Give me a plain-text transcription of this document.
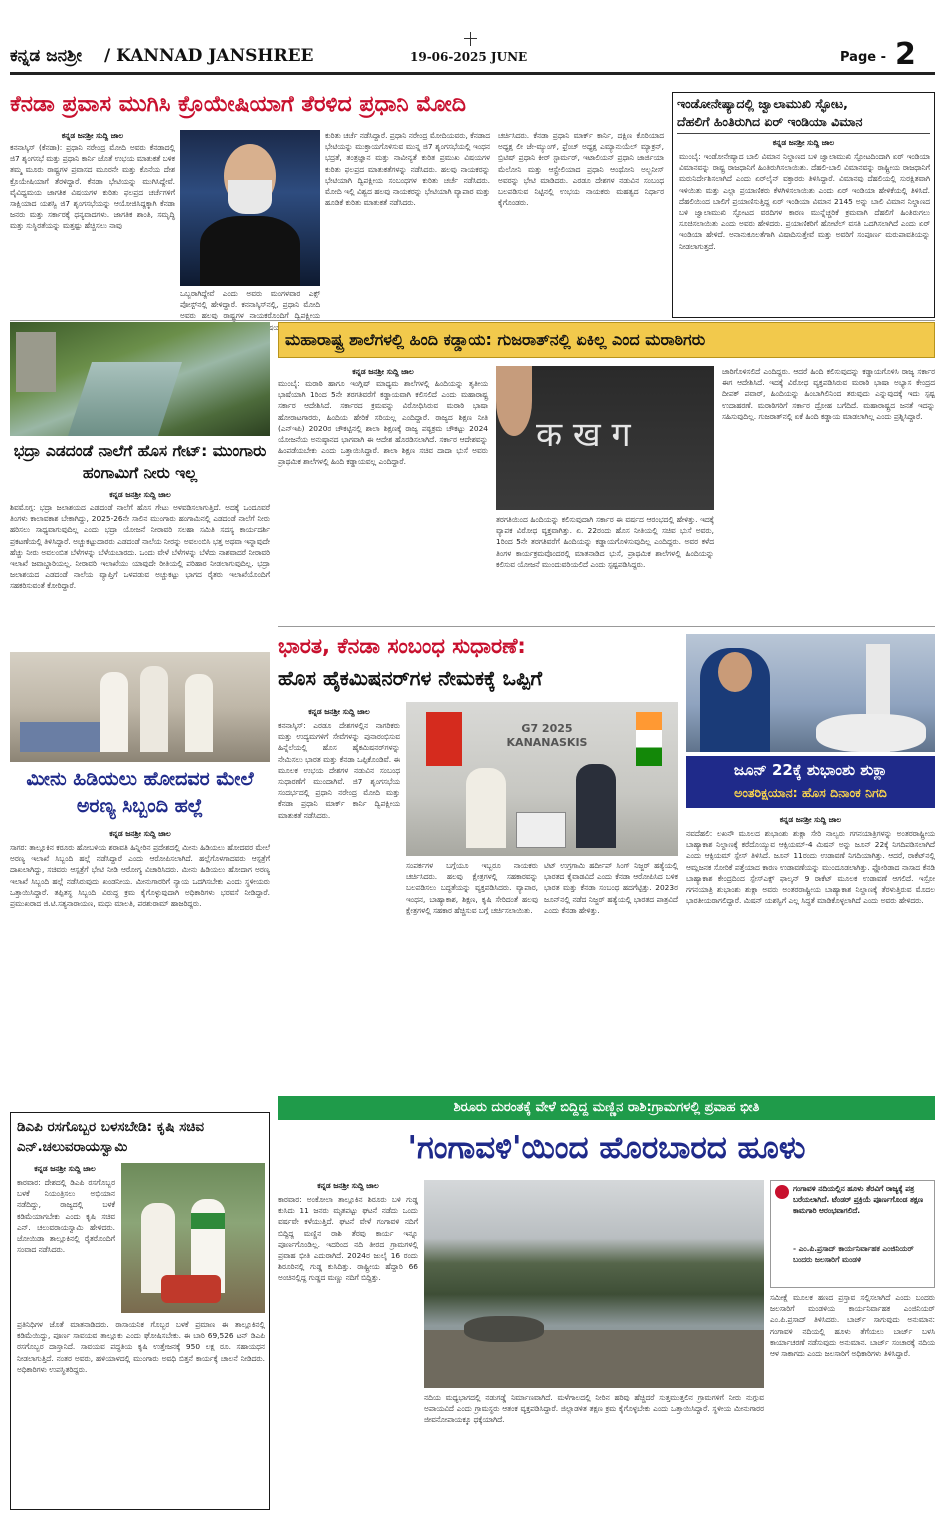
ಕನ್ನಡ ಜನಶ್ರೀ / KANNAD JANSHREE	19-06-2025 JUNE	Page - 2
ಕೆನಡಾ ಪ್ರವಾಸ ಮುಗಿಸಿ ಕ್ರೊಯೇಷಿಯಾಗೆ ತೆರಳಿದ ಪ್ರಧಾನಿ ಮೋದಿ
ಕನ್ನಡ ಜನಶ್ರೀ ಸುದ್ದಿ ಜಾಲ
ಕನನಾಸ್ಕಿಸ್ (ಕೆನಡಾ): ಪ್ರಧಾನಿ ನರೇಂದ್ರ ಮೋದಿ ಅವರು ಕೆನಡಾದಲ್ಲಿ ಜಿ7 ಶೃಂಗಸಭೆ ಮತ್ತು ಪ್ರಧಾನಿ ಕಾರ್ನಿ ಜೊತೆ ಉಭಯ ಮಾತುಕತೆ ಬಳಿಕ ತಮ್ಮ ಮೂರು ರಾಷ್ಟ್ರಗಳ ಪ್ರವಾಸದ ಮೂರನೇ ಮತ್ತು ಕೊನೆಯ ದೇಶ ಕ್ರೊಯೇಷಿಯಾಗೆ ತೆರಳಿದ್ದಾರೆ. ಕೆನಡಾ ಭೇಟಿಯನ್ನು ಮುಗಿಸಿದ್ದೇವೆ. ವೈವಿಧ್ಯಮಯ ಜಾಗತಿಕ ವಿಷಯಗಳ ಕುರಿತು ಫಲಪ್ರದ ಚರ್ಚೆಗಳಿಗೆ ಸಾಕ್ಷಿಯಾದ ಯಶಸ್ವಿ ಜಿ7 ಶೃಂಗಸಭೆಯನ್ನು ಆಯೋಜಿಸಿದ್ದಕ್ಕಾಗಿ ಕೆನಡಾ ಜನರು ಮತ್ತು ಸರ್ಕಾರಕ್ಕೆ ಧನ್ಯವಾದಗಳು. ಜಾಗತಿಕ ಶಾಂತಿ, ಸಮೃದ್ಧಿ ಮತ್ತು ಸುಸ್ಥಿರತೆಯನ್ನು ಮತ್ತಷ್ಟು ಹೆಚ್ಚಿಸಲು ನಾವು
ಒಬ್ಬರಾಗಿದ್ದೇವೆ ಎಂದು ಅವರು ಮಂಗಳವಾರ ಎಕ್ಸ್ ಪೋಸ್ಟ್‌ನಲ್ಲಿ ಹೇಳಿದ್ದಾರೆ. ಕನನಾಸ್ಕಿಸ್‌ನಲ್ಲಿ, ಪ್ರಧಾನಿ ಮೋದಿ ಅವರು ಹಲವು ರಾಷ್ಟ್ರಗಳ ನಾಯಕರೊಂದಿಗೆ ದ್ವಿಪಕ್ಷೀಯ ವಿಷಯಗಳ
ಕುರಿತು ಚರ್ಚೆ ನಡೆಸಿದ್ದಾರೆ. ಪ್ರಧಾನಿ ನರೇಂದ್ರ ಮೋದಿಯವರು, ಕೆನಡಾದ ಭೇಟಿಯನ್ನು ಮುಕ್ತಾಯಗೊಳಿಸುವ ಮುನ್ನ ಜಿ7 ಶೃಂಗಸಭೆಯಲ್ಲಿ ಇಂಧನ ಭದ್ರತೆ, ತಂತ್ರಜ್ಞಾನ ಮತ್ತು ನಾವೀನ್ಯತೆ ಕುರಿತ ಪ್ರಮುಖ ವಿಷಯಗಳ ಕುರಿತು ಫಲಪ್ರದ ಮಾತುಕತೆಗಳನ್ನು ನಡೆಸಿದರು. ಹಲವು ನಾಯಕರನ್ನು ಭೇಟಿಯಾಗಿ ದ್ವಿಪಕ್ಷೀಯ ಸಂಬಂಧಗಳ ಕುರಿತು ಚರ್ಚೆ ನಡೆಸಿದರು. ಮೋದಿ ಇಲ್ಲಿ ವಿಶ್ವದ ಹಲವು ನಾಯಕರನ್ನು ಭೇಟಿಯಾಗಿ ವ್ಯಾಪಾರ ಮತ್ತು ಹೂಡಿಕೆ ಕುರಿತು ಮಾತುಕತೆ ನಡೆಸಿದರು.
ಚರ್ಚಿಸಿದರು. ಕೆನಡಾ ಪ್ರಧಾನಿ ಮಾರ್ಕ್ ಕಾರ್ನಿ, ದಕ್ಷಿಣ ಕೊರಿಯಾದ ಅಧ್ಯಕ್ಷ ಲೀ ಜೇ-ಮ್ಯುಂಗ್, ಫ್ರೆಂಚ್ ಅಧ್ಯಕ್ಷ ಎಮ್ಯಾನುಯೆಲ್ ಮ್ಯಾಕ್ರನ್, ಬ್ರಿಟಿಷ್ ಪ್ರಧಾನಿ ಕೀರ್ ಸ್ಟಾರ್ಮರ್, ಇಟಾಲಿಯನ್ ಪ್ರಧಾನಿ ಜಾರ್ಜಿಯಾ ಮೆಲೋನಿ ಮತ್ತು ಆಸ್ಟ್ರೇಲಿಯಾದ ಪ್ರಧಾನಿ ಆಂಥೋನಿ ಅಲ್ಬನೀಸ್ ಅವರನ್ನು ಭೇಟಿ ಮಾಡಿದರು. ಎರಡೂ ದೇಶಗಳ ನಡುವಿನ ಸಂಬಂಧ ಬಲಪಡಿಸುವ ನಿಟ್ಟಿನಲ್ಲಿ ಉಭಯ ನಾಯಕರು ಮಹತ್ವದ ನಿರ್ಧಾರ ಕೈಗೊಂಡರು.
ಇಂಡೋನೇಷ್ಯಾದಲ್ಲಿ ಜ್ವಾಲಾಮುಖಿ ಸ್ಫೋಟ,
ದೆಹಲಿಗೆ ಹಿಂತಿರುಗಿದ ಏರ್ ಇಂಡಿಯಾ ವಿಮಾನ
ಕನ್ನಡ ಜನಶ್ರೀ ಸುದ್ದಿ ಜಾಲ
ಮುಂಬೈ: ಇಂಡೋನೇಷ್ಯಾದ ಬಾಲಿ ವಿಮಾನ ನಿಲ್ದಾಣದ ಬಳಿ ಜ್ವಾಲಾಮುಖಿ ಸ್ಫೋಟದಿಂದಾಗಿ ಏರ್ ಇಂಡಿಯಾ ವಿಮಾನವನ್ನು ರಾಷ್ಟ್ರ ರಾಜಧಾನಿಗೆ ಹಿಂತಿರುಗಿಸಲಾಯಿತು. ದೆಹಲಿ-ಬಾಲಿ ವಿಮಾನವನ್ನು ರಾಷ್ಟ್ರೀಯ ರಾಜಧಾನಿಗೆ ಮರುನಿರ್ದೇಶಿಸಲಾಗಿದೆ ಎಂದು ಏರ್‌ಲೈನ್ ವಕ್ತಾರರು ತಿಳಿಸಿದ್ದಾರೆ. ವಿಮಾನವು ದೆಹಲಿಯಲ್ಲಿ ಸುರಕ್ಷಿತವಾಗಿ ಇಳಿಯಿತು ಮತ್ತು ಎಲ್ಲಾ ಪ್ರಯಾಣಿಕರು ಕೆಳಗಿಳಿಸಲಾಯಿತು ಎಂದು ಏರ್ ಇಂಡಿಯಾ ಹೇಳಿಕೆಯಲ್ಲಿ ತಿಳಿಸಿದೆ. ದೆಹಲಿಯಿಂದ ಬಾಲಿಗೆ ಪ್ರಯಾಣಿಸುತ್ತಿದ್ದ ಏರ್ ಇಂಡಿಯಾ ವಿಮಾನ 2145 ಅನ್ನು ಬಾಲಿ ವಿಮಾನ ನಿಲ್ದಾಣದ ಬಳಿ ಜ್ವಾಲಾಮುಖಿ ಸ್ಫೋಟದ ವರದಿಗಳ ಕಾರಣ ಮುನ್ನೆಚ್ಚರಿಕೆ ಕ್ರಮವಾಗಿ ದೆಹಲಿಗೆ ಹಿಂತಿರುಗಲು ಸೂಚಿಸಲಾಯಿತು ಎಂದು ಅವರು ಹೇಳಿದರು. ಪ್ರಯಾಣಿಕರಿಗೆ ಹೋಟೆಲ್ ವಸತಿ ಒದಗಿಸಲಾಗಿದೆ ಎಂದು ಏರ್ ಇಂಡಿಯಾ ಹೇಳಿದೆ. ಅನಾನುಕೂಲತೆಗಾಗಿ ವಿಷಾದಿಸುತ್ತೇವೆ ಮತ್ತು ಅವರಿಗೆ ಸಂಪೂರ್ಣ ಮರುಪಾವತಿಯನ್ನು ನೀಡಲಾಗುತ್ತದೆ.
ಭದ್ರಾ ಎಡದಂಡೆ ನಾಲೆಗೆ ಹೊಸ ಗೇಟ್: ಮುಂಗಾರು ಹಂಗಾಮಿಗೆ ನೀರು ಇಲ್ಲ
ಕನ್ನಡ ಜನಶ್ರೀ ಸುದ್ದಿ ಜಾಲ
ಶಿವಮೊಗ್ಗ: ಭದ್ರಾ ಜಲಾಶಯದ ಎಡದಂಡೆ ನಾಲೆಗೆ ಹೊಸ ಗೇಟು ಅಳವಡಿಸಲಾಗುತ್ತಿದೆ. ಅದಕ್ಕೆ ಒಂದೂವರೆ ತಿಂಗಳು ಕಾಲಾವಕಾಶ ಬೇಕಾಗಿದ್ದು, 2025-26ನೇ ಸಾಲಿನ ಮುಂಗಾರು ಹಂಗಾಮಿನಲ್ಲಿ ಎಡದಂಡೆ ನಾಲೆಗೆ ನೀರು ಹರಿಸಲು ಸಾಧ್ಯವಾಗುವುದಿಲ್ಲ ಎಂದು ಭದ್ರಾ ಯೋಜನೆ ನೀರಾವರಿ ಸಲಹಾ ಸಮಿತಿ ಸದಸ್ಯ ಕಾರ್ಯದರ್ಶಿ ಪ್ರಕಟಣೆಯಲ್ಲಿ ತಿಳಿಸಿದ್ದಾರೆ. ಅಚ್ಚುಕಟ್ಟುದಾರರು ಎಡದಂಡೆ ನಾಲೆಯ ನೀರನ್ನು ಅವಲಂಬಿಸಿ ಭತ್ತ ಅಥವಾ ಇನ್ನಾವುದೇ ಹೆಚ್ಚು ನೀರು ಅವಲಂಬಿತ ಬೆಳೆಗಳನ್ನು ಬೆಳೆಯಬಾರದು. ಒಂದು ವೇಳೆ ಬೆಳೆಗಳನ್ನು ಬೆಳೆದು ನಾಶವಾದರೆ ನೀರಾವರಿ ಇಲಾಖೆ ಜವಾಬ್ದಾರಿಯಲ್ಲ. ನೀರಾವರಿ ಇಲಾಖೆಯು ಯಾವುದೇ ರೀತಿಯಲ್ಲಿ ಪರಿಹಾರ ನೀಡಲಾಗುವುದಿಲ್ಲ. ಭದ್ರಾ ಜಲಾಶಯದ ಎಡದಂಡೆ ನಾಲೆಯ ವ್ಯಾಪ್ತಿಗೆ ಒಳಪಡುವ ಅಚ್ಚುಕಟ್ಟು ಭಾಗದ ರೈತರು ಇಲಾಖೆಯೊಂದಿಗೆ ಸಹಕರಿಸುವಂತೆ ಕೋರಿದ್ದಾರೆ.
ಮಹಾರಾಷ್ಟ್ರ ಶಾಲೆಗಳಲ್ಲಿ ಹಿಂದಿ ಕಡ್ಡಾಯ: ಗುಜರಾತ್‌ನಲ್ಲಿ ಏಕಿಲ್ಲ ಎಂದ ಮರಾಠಿಗರು
ಕನ್ನಡ ಜನಶ್ರೀ ಸುದ್ದಿ ಜಾಲ
ಮುಂಬೈ: ಮರಾಠಿ ಹಾಗೂ ಇಂಗ್ಲಿಷ್ ಮಾಧ್ಯಮ ಶಾಲೆಗಳಲ್ಲಿ ಹಿಂದಿಯನ್ನು ತೃತೀಯ ಭಾಷೆಯಾಗಿ 1ರಿಂದ 5ನೇ ತರಗತಿವರೆಗೆ ಕಡ್ಡಾಯವಾಗಿ ಕಲಿಸಲಿದೆ ಎಂದು ಮಹಾರಾಷ್ಟ್ರ ಸರ್ಕಾರ ಆದೇಶಿಸಿದೆ. ಸರ್ಕಾರದ ಕ್ರಮವನ್ನು ವಿರೋಧಿಸಿರುವ ಮರಾಠಿ ಭಾಷಾ ಹೋರಾಟಗಾರರು, ಹಿಂದಿಯ ಹೇರಿಕೆ ಸರಿಯಲ್ಲ ಎಂದಿದ್ದಾರೆ. ರಾಜ್ಯದ ಶಿಕ್ಷಣ ನೀತಿ (ಎನ್‌ಇಪಿ) 2020ರ ಚೌಕಟ್ಟಿನಲ್ಲಿ ಶಾಲಾ ಶಿಕ್ಷಣಕ್ಕೆ ರಾಜ್ಯ ಪಠ್ಯಕ್ರಮ ಚೌಕಟ್ಟು 2024 ಯೋಜನೆಯ ಅನುಷ್ಠಾನದ ಭಾಗವಾಗಿ ಈ ಆದೇಶ ಹೊರಡಿಸಲಾಗಿದೆ. ಸರ್ಕಾರ ಆದೇಶವನ್ನು ಹಿಂಪಡೆಯಬೇಕು ಎಂದು ಒತ್ತಾಯಿಸಿದ್ದಾರೆ. ಶಾಲಾ ಶಿಕ್ಷಣ ಸಚಿವ ದಾದಾ ಭುಸೆ ಅವರು ಪ್ರಾಥಮಿಕ ಶಾಲೆಗಳಲ್ಲಿ ಹಿಂದಿ ಕಡ್ಡಾಯವಲ್ಲ ಎಂದಿದ್ದಾರೆ.
क ख ग
ತರಗತಿಯಿಂದ ಹಿಂದಿಯನ್ನು ಕಲಿಸುವುದಾಗಿ ಸರ್ಕಾರ ಈ ವರ್ಷದ ಆರಂಭದಲ್ಲಿ ಹೇಳಿತ್ತು. ಇದಕ್ಕೆ ವ್ಯಾಪಕ ವಿರೋಧ ವ್ಯಕ್ತವಾಗಿತ್ತು. ಏ. 22ರಂದು ಹೊಸ ನೀತಿಯಲ್ಲಿ ಸಚಿವ ಭುಸೆ ಅವರು, 1ರಿಂದ 5ನೇ ತರಗತಿವರೆಗೆ ಹಿಂದಿಯನ್ನು ಕಡ್ಡಾಯಗೊಳಿಸುವುದಿಲ್ಲ ಎಂದಿದ್ದರು. ಅವರ ಕಳೆದ ತಿಂಗಳ ಕಾರ್ಯಕ್ರಮವೊಂದರಲ್ಲಿ ಮಾತನಾಡಿದ ಭುಸೆ, ಪ್ರಾಥಮಿಕ ಶಾಲೆಗಳಲ್ಲಿ ಹಿಂದಿಯನ್ನು ಕಲಿಸುವ ಯೋಜನೆ ಮುಂದುವರಿಯಲಿದೆ ಎಂದು ಸ್ಪಷ್ಟಪಡಿಸಿದ್ದರು.
ಜಾರಿಗೊಳಿಸಲಿದೆ ಎಂದಿದ್ದರು. ಆದರೆ ಹಿಂದಿ ಕಲಿಸುವುದನ್ನು ಕಡ್ಡಾಯಗೊಳಿಸಿ ರಾಜ್ಯ ಸರ್ಕಾರ ಈಗ ಆದೇಶಿಸಿದೆ. ಇದಕ್ಕೆ ವಿರೋಧ ವ್ಯಕ್ತಪಡಿಸಿರುವ ಮರಾಠಿ ಭಾಷಾ ಅಭ್ಯಾಸ ಕೇಂದ್ರದ ದೀಪಕ್ ಪವಾರ್, ಹಿಂದಿಯನ್ನು ಹಿಂಬಾಗಿಲಿನಿಂದ ತರುವುದು ಎನ್ನುವುದಕ್ಕೆ ಇದು ಸ್ಪಷ್ಟ ಉದಾಹರಣೆ. ಮರಾಠಿಗರಿಗೆ ಸರ್ಕಾರ ದ್ರೋಹ ಬಗೆದಿದೆ. ಮಹಾರಾಷ್ಟ್ರದ ಜನತೆ ಇದನ್ನು ಸಹಿಸುವುದಿಲ್ಲ. ಗುಜರಾತ್‌ನಲ್ಲಿ ಏಕೆ ಹಿಂದಿ ಕಡ್ಡಾಯ ಮಾಡಲಾಗಿಲ್ಲ ಎಂದು ಪ್ರಶ್ನಿಸಿದ್ದಾರೆ.
ಮೀನು ಹಿಡಿಯಲು ಹೋದವರ ಮೇಲೆ ಅರಣ್ಯ ಸಿಬ್ಬಂದಿ ಹಲ್ಲೆ
ಕನ್ನಡ ಜನಶ್ರೀ ಸುದ್ದಿ ಜಾಲ
ಸಾಗರ: ತಾಲ್ಲೂಕಿನ ಕರೂರು ಹೋಬಳಿಯ ಶರಾವತಿ ಹಿನ್ನೀರಿನ ಪ್ರದೇಶದಲ್ಲಿ ಮೀನು ಹಿಡಿಯಲು ಹೋದವರ ಮೇಲೆ ಅರಣ್ಯ ಇಲಾಖೆ ಸಿಬ್ಬಂದಿ ಹಲ್ಲೆ ನಡೆಸಿದ್ದಾರೆ ಎಂದು ಆರೋಪಿಸಲಾಗಿದೆ. ಹಲ್ಲೆಗೊಳಗಾದವರು ಆಸ್ಪತ್ರೆಗೆ ದಾಖಲಾಗಿದ್ದು, ಸಚಿವರು ಆಸ್ಪತ್ರೆಗೆ ಭೇಟಿ ನೀಡಿ ಆರೋಗ್ಯ ವಿಚಾರಿಸಿದರು. ಮೀನು ಹಿಡಿಯಲು ಹೋದಾಗ ಅರಣ್ಯ ಇಲಾಖೆ ಸಿಬ್ಬಂದಿ ಹಲ್ಲೆ ನಡೆಸಿರುವುದು ಖಂಡನೀಯ. ಮೀನುಗಾರರಿಗೆ ನ್ಯಾಯ ಒದಗಿಸಬೇಕು ಎಂದು ಸ್ಥಳೀಯರು ಒತ್ತಾಯಿಸಿದ್ದಾರೆ. ತಪ್ಪಿತಸ್ಥ ಸಿಬ್ಬಂದಿ ವಿರುದ್ಧ ಕ್ರಮ ಕೈಗೊಳ್ಳುವುದಾಗಿ ಅಧಿಕಾರಿಗಳು ಭರವಸೆ ನೀಡಿದ್ದಾರೆ. ಪ್ರಮುಖರಾದ ಜಿ.ಟಿ.ಸತ್ಯನಾರಾಯಣ, ಮಧು ಮಾಲತಿ, ಪರಶುರಾಮ್ ಹಾಜರಿದ್ದರು.
ಭಾರತ, ಕೆನಡಾ ಸಂಬಂಧ ಸುಧಾರಣೆ:
ಹೊಸ ಹೈಕಮಿಷನರ್‌ಗಳ ನೇಮಕಕ್ಕೆ ಒಪ್ಪಿಗೆ
ಕನ್ನಡ ಜನಶ್ರೀ ಸುದ್ದಿ ಜಾಲ
ಕನನಾಸ್ಕಿಸ್: ಎರಡೂ ದೇಶಗಳಲ್ಲಿನ ನಾಗರಿಕರು ಮತ್ತು ಉದ್ಯಮಗಳಿಗೆ ಸೇವೆಗಳನ್ನು ಪುನಾರಂಭಿಸುವ ಹಿನ್ನೆಲೆಯಲ್ಲಿ ಹೊಸ ಹೈಕಮಿಷನರ್‌ಗಳನ್ನು ನೇಮಿಸಲು ಭಾರತ ಮತ್ತು ಕೆನಡಾ ಒಪ್ಪಿಕೊಂಡಿವೆ. ಈ ಮೂಲಕ ಉಭಯ ದೇಶಗಳ ನಡುವಿನ ಸಂಬಂಧ ಸುಧಾರಣೆಗೆ ಮುಂದಾಗಿವೆ. ಜಿ7 ಶೃಂಗಸಭೆಯ ಸಂದರ್ಭದಲ್ಲಿ ಪ್ರಧಾನಿ ನರೇಂದ್ರ ಮೋದಿ ಮತ್ತು ಕೆನಡಾ ಪ್ರಧಾನಿ ಮಾರ್ಕ್ ಕಾರ್ನಿ ದ್ವಿಪಕ್ಷೀಯ ಮಾತುಕತೆ ನಡೆಸಿದರು.
G7 2025 KANANASKIS
ಸಂಪರ್ಕಗಳ ಬಗ್ಗೆಯೂ ಇಬ್ಬರೂ ನಾಯಕರು ಚರ್ಚಿಸಿದರು. ಹಲವು ಕ್ಷೇತ್ರಗಳಲ್ಲಿ ಸಹಕಾರವನ್ನು ಬಲಪಡಿಸಲು ಬದ್ಧತೆಯನ್ನು ವ್ಯಕ್ತಪಡಿಸಿದರು. ವ್ಯಾಪಾರ, ಇಂಧನ, ಬಾಹ್ಯಾಕಾಶ, ಶಿಕ್ಷಣ, ಕೃಷಿ ಸೇರಿದಂತೆ ಹಲವು ಕ್ಷೇತ್ರಗಳಲ್ಲಿ ಸಹಕಾರ ಹೆಚ್ಚಿಸುವ ಬಗ್ಗೆ ಚರ್ಚಿಸಲಾಯಿತು.
ಟಿಟ್ ಉಗ್ರಗಾಮಿ ಹರ್ದೀಪ್ ಸಿಂಗ್ ನಿಜ್ಜರ್ ಹತ್ಯೆಯಲ್ಲಿ ಭಾರತದ ಕೈವಾಡವಿದೆ ಎಂದು ಕೆನಡಾ ಆರೋಪಿಸಿದ ಬಳಿಕ ಭಾರತ ಮತ್ತು ಕೆನಡಾ ಸಂಬಂಧ ಹದಗೆಟ್ಟಿತ್ತು. 2023ರ ಜೂನ್‌ನಲ್ಲಿ ನಡೆದ ನಿಜ್ಜರ್ ಹತ್ಯೆಯಲ್ಲಿ ಭಾರತದ ಪಾತ್ರವಿದೆ ಎಂದು ಕೆನಡಾ ಹೇಳಿತ್ತು.
ಜೂನ್ 22ಕ್ಕೆ ಶುಭಾಂಶು ಶುಕ್ಲಾ
ಅಂತರಿಕ್ಷಯಾನ: ಹೊಸ ದಿನಾಂಕ ನಿಗದಿ
ಕನ್ನಡ ಜನಶ್ರೀ ಸುದ್ದಿ ಜಾಲ
ನವದೆಹಲಿ: ಲಖನೌ ಮೂಲದ ಶುಭಾಂಶು ಶುಕ್ಲಾ ಸೇರಿ ನಾಲ್ವರು ಗಗನಯಾತ್ರಿಗಳನ್ನು ಅಂತರರಾಷ್ಟ್ರೀಯ ಬಾಹ್ಯಾಕಾಶ ನಿಲ್ದಾಣಕ್ಕೆ ಕರೆದೊಯ್ಯುವ ಆಕ್ಸಿಯಮ್-4 ಮಿಷನ್ ಅನ್ನು ಜೂನ್ 22ಕ್ಕೆ ನಿಗದಿಪಡಿಸಲಾಗಿದೆ ಎಂದು ಆಕ್ಸಿಯಮ್ ಸ್ಪೇಸ್ ತಿಳಿಸಿದೆ. ಜೂನ್ 11ರಂದು ಉಡಾವಣೆ ನಿಗದಿಯಾಗಿತ್ತು. ಆದರೆ, ರಾಕೆಟ್‌ನಲ್ಲಿ ಆಮ್ಲಜನಕ ಸೋರಿಕೆ ಪತ್ತೆಯಾದ ಕಾರಣ ಉಡಾವಣೆಯನ್ನು ಮುಂದೂಡಲಾಗಿತ್ತು. ಫ್ಲೋರಿಡಾದ ನಾಸಾದ ಕೆನಡಿ ಬಾಹ್ಯಾಕಾಶ ಕೇಂದ್ರದಿಂದ ಸ್ಪೇಸ್‌ಎಕ್ಸ್ ಫಾಲ್ಕನ್ 9 ರಾಕೆಟ್ ಮೂಲಕ ಉಡಾವಣೆ ಆಗಲಿದೆ. ಇಸ್ರೋ ಗಗನಯಾತ್ರಿ ಶುಭಾಂಶು ಶುಕ್ಲಾ ಅವರು ಅಂತರರಾಷ್ಟ್ರೀಯ ಬಾಹ್ಯಾಕಾಶ ನಿಲ್ದಾಣಕ್ಕೆ ತೆರಳುತ್ತಿರುವ ಮೊದಲ ಭಾರತೀಯರಾಗಲಿದ್ದಾರೆ. ಮಿಷನ್ ಯಶಸ್ವಿಗೆ ಎಲ್ಲ ಸಿದ್ಧತೆ ಮಾಡಿಕೊಳ್ಳಲಾಗಿದೆ ಎಂದು ಅವರು ಹೇಳಿದರು.
ಡಿಎಪಿ ರಸಗೊಬ್ಬರ ಬಳಸಬೇಡಿ: ಕೃಷಿ ಸಚಿವ ಎನ್.ಚಲುವರಾಯಸ್ವಾಮಿ
ಕನ್ನಡ ಜನಶ್ರೀ ಸುದ್ದಿ ಜಾಲ
ಕಾರವಾರ: ದೇಶದಲ್ಲಿ ಡಿಎಪಿ ರಸಗೊಬ್ಬರ ಬಳಕೆ ನಿಯಂತ್ರಿಸಲು ಅಭಿಯಾನ ನಡೆದಿದ್ದು, ರಾಜ್ಯದಲ್ಲಿ ಬಳಕೆ ಕಡಿಮೆಯಾಗಬೇಕು ಎಂದು ಕೃಷಿ ಸಚಿವ ಎನ್. ಚಲುವರಾಯಸ್ವಾಮಿ ಹೇಳಿದರು. ಜೋಯಿಡಾ ತಾಲ್ಲೂಕಿನಲ್ಲಿ ರೈತರೊಂದಿಗೆ ಸಂವಾದ ನಡೆಸಿದರು.
ಪ್ರತಿನಿಧಿಗಳ ಜೊತೆ ಮಾತನಾಡಿದರು. ರಾಸಾಯನಿಕ ಗೊಬ್ಬರ ಬಳಕೆ ಪ್ರಮಾಣ ಈ ತಾಲ್ಲೂಕಿನಲ್ಲಿ ಕಡಿಮೆಯಿದ್ದು, ಪೂರ್ಣ ಸಾವಯವ ತಾಲ್ಲೂಕು ಎಂದು ಘೋಷಿಸಬೇಕು. ಈ ಬಾರಿ 69,526 ಟನ್ ಡಿಎಪಿ ರಸಗೊಬ್ಬರ ದಾಸ್ತಾನಿದೆ. ಸಾವಯವ ಪದ್ಧತಿಯ ಕೃಷಿ ಉತ್ತೇಜನಕ್ಕೆ 950 ಲಕ್ಷ ರೂ. ಸಹಾಯಧನ ನೀಡಲಾಗುತ್ತಿದೆ. ನಂತರ ಅವರು, ಹಳಿಯಾಳದಲ್ಲಿ ಮುಂಗಾರು ಅವಧಿ ಬಿತ್ತನೆ ಕಾರ್ಯಕ್ಕೆ ಚಾಲನೆ ನೀಡಿದರು. ಅಧಿಕಾರಿಗಳು ಉಪಸ್ಥಿತರಿದ್ದರು.
ಶಿರೂರು ದುರಂತಕ್ಕೆ ವೇಳೆ ಬಿದ್ದಿದ್ದ ಮಣ್ಣಿನ ರಾಶಿ:ಗ್ರಾಮಗಳಲ್ಲಿ ಪ್ರವಾಹ ಭೀತಿ
'ಗಂಗಾವಳಿ'ಯಿಂದ ಹೊರಬಾರದ ಹೂಳು
ಕನ್ನಡ ಜನಶ್ರೀ ಸುದ್ದಿ ಜಾಲ
ಕಾರವಾರ: ಅಂಕೋಲಾ ತಾಲ್ಲೂಕಿನ ಶಿರೂರು ಬಳಿ ಗುಡ್ಡ ಕುಸಿದು 11 ಜನರು ಮೃತಪಟ್ಟು ಘಟನೆ ನಡೆದು ಒಂದು ವರ್ಷವೇ ಕಳೆಯುತ್ತಿದೆ. ಘಟನೆ ವೇಳೆ ಗಂಗಾವಳಿ ನದಿಗೆ ಬಿದ್ದಿದ್ದ ಮಣ್ಣಿನ ರಾಶಿ ತೆರವು ಕಾರ್ಯ ಇನ್ನೂ ಪೂರ್ಣಗೊಂಡಿಲ್ಲ. ಇದರಿಂದ ನದಿ ತೀರದ ಗ್ರಾಮಗಳಲ್ಲಿ ಪ್ರವಾಹ ಭೀತಿ ಎದುರಾಗಿದೆ. 2024ರ ಜುಲೈ 16 ರಂದು ಶಿರೂರಿನಲ್ಲಿ ಗುಡ್ಡ ಕುಸಿದಿತ್ತು. ರಾಷ್ಟ್ರೀಯ ಹೆದ್ದಾರಿ 66 ಅಂಚಿನಲ್ಲಿದ್ದ ಗುಡ್ಡದ ಮಣ್ಣು ನದಿಗೆ ಬಿದ್ದಿತ್ತು.
ನದಿಯ ಮಧ್ಯಭಾಗದಲ್ಲಿ ನಡುಗಡ್ಡೆ ನಿರ್ಮಾಣವಾಗಿದೆ. ಮಳೆಗಾಲದಲ್ಲಿ ನೀರಿನ ಹರಿವು ಹೆಚ್ಚಿದರೆ ಸುತ್ತಮುತ್ತಲಿನ ಗ್ರಾಮಗಳಿಗೆ ನೀರು ನುಗ್ಗುವ ಅಪಾಯವಿದೆ ಎಂದು ಗ್ರಾಮಸ್ಥರು ಆತಂಕ ವ್ಯಕ್ತಪಡಿಸಿದ್ದಾರೆ. ಜಿಲ್ಲಾಡಳಿತ ತಕ್ಷಣ ಕ್ರಮ ಕೈಗೊಳ್ಳಬೇಕು ಎಂದು ಒತ್ತಾಯಿಸಿದ್ದಾರೆ. ಸ್ಥಳೀಯ ಮೀನುಗಾರರ ಜೀವನೋಪಾಯಕ್ಕೂ ಧಕ್ಕೆಯಾಗಿದೆ.
ಗಂಗಾವಳಿ ನದಿಯಲ್ಲಿನ ಹೂಳು ತೆರವಿಗೆ ರಾಜ್ಯಕ್ಕೆ ಪತ್ರ ಬರೆಯಲಾಗಿದೆ. ಟೆಂಡರ್ ಪ್ರಕ್ರಿಯೆ ಪೂರ್ಣಗೊಂಡ ತಕ್ಷಣ ಕಾಮಗಾರಿ ಆರಂಭವಾಗಲಿದೆ.
- ಎಂ.ಪಿ.ಪ್ರಸಾದ್ ಕಾರ್ಯನಿರ್ವಾಹಕ ಎಂಜಿನಿಯರ್ ಬಂದರು ಜಲಸಾರಿಗೆ ಮಂಡಳಿ
ಸಮೀಕ್ಷೆ ಮೂಲಕ ಹಣದ ಪ್ರಸ್ತಾವ ಸಲ್ಲಿಸಲಾಗಿದೆ ಎಂದು ಬಂದರು ಜಲಸಾರಿಗೆ ಮಂಡಳಿಯ ಕಾರ್ಯನಿರ್ವಾಹಕ ಎಂಜಿನಿಯರ್ ಎಂ.ಪಿ.ಪ್ರಸಾದ್ ತಿಳಿಸಿದರು. ಬಾರ್ಜ್ ಸಾಗುವುದು ಅನುಮಾನ: ಗಂಗಾವಳಿ ನದಿಯಲ್ಲಿ ಹೂಳು ತೆಗೆಯಲು ಬಾರ್ಜ್ ಬಳಸಿ ಕಾರ್ಯಾಚರಣೆ ನಡೆಸುವುದು ಅನುಮಾನ. ಬಾರ್ಜ್ ಸಂಚಾರಕ್ಕೆ ನದಿಯ ಆಳ ಸಾಕಾಗದು ಎಂದು ಜಲಸಾರಿಗೆ ಅಧಿಕಾರಿಗಳು ತಿಳಿಸಿದ್ದಾರೆ.
